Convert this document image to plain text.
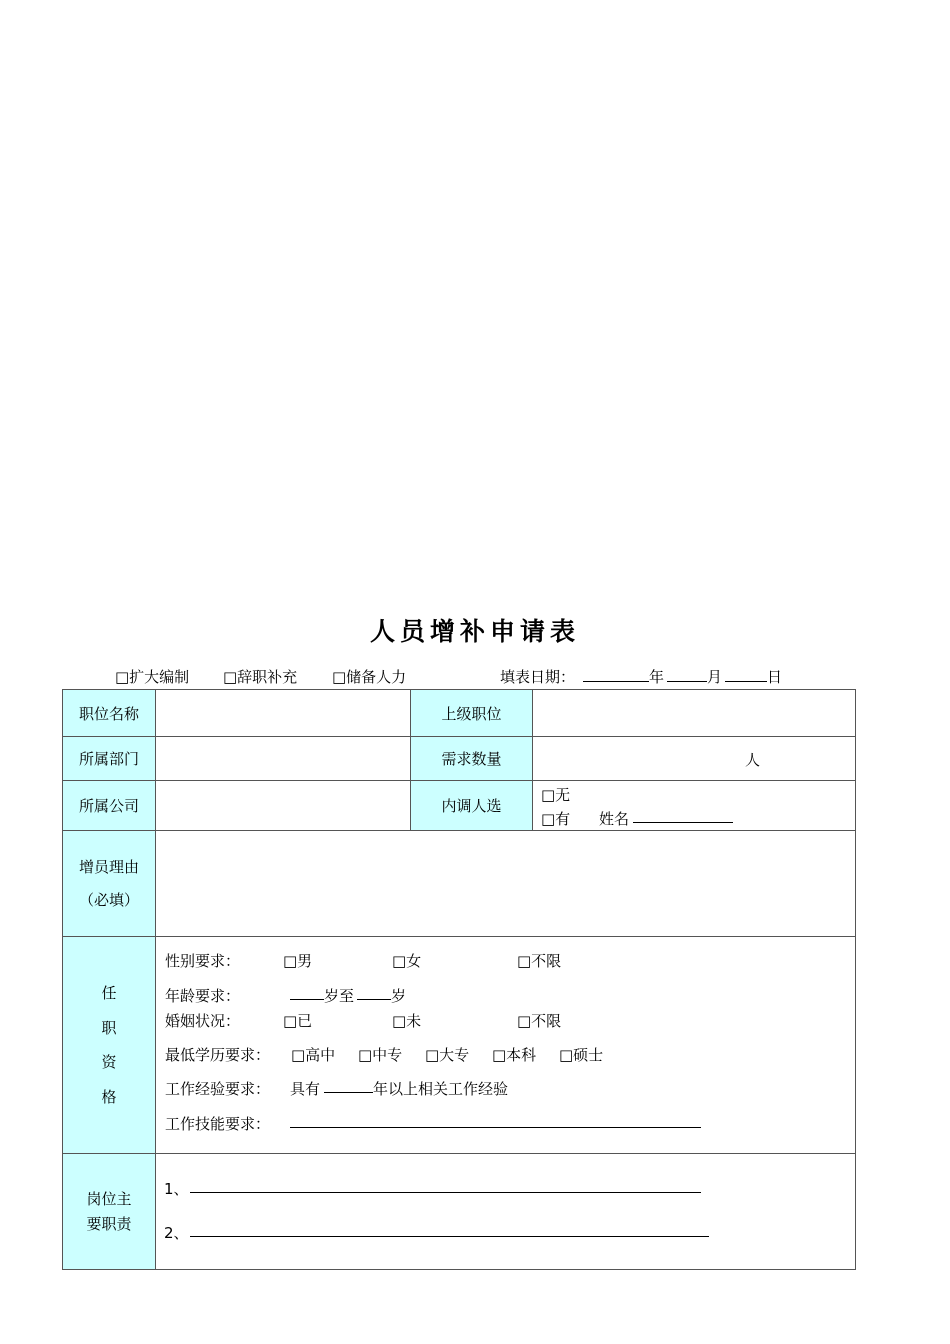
人员增补申请表
□扩大编制 □辞职补充 □储备人力	填表日期：	年	月	日
职位名称	上级职位
所属部门	需求数量	人
所属公司	内调人选
□无
□有 姓名
增员理由
（必填）
任
职
资
格
性别要求：	□男	□女	□不限
年龄要求：	岁至 岁
婚姻状况：	□已	□未	□不限
最低学历要求： □高中 □中专 □大专 □本科 □硕士
工作经验要求： 具有	年以上相关工作经验
工作技能要求：
岗位主
要职责
1、
2、
